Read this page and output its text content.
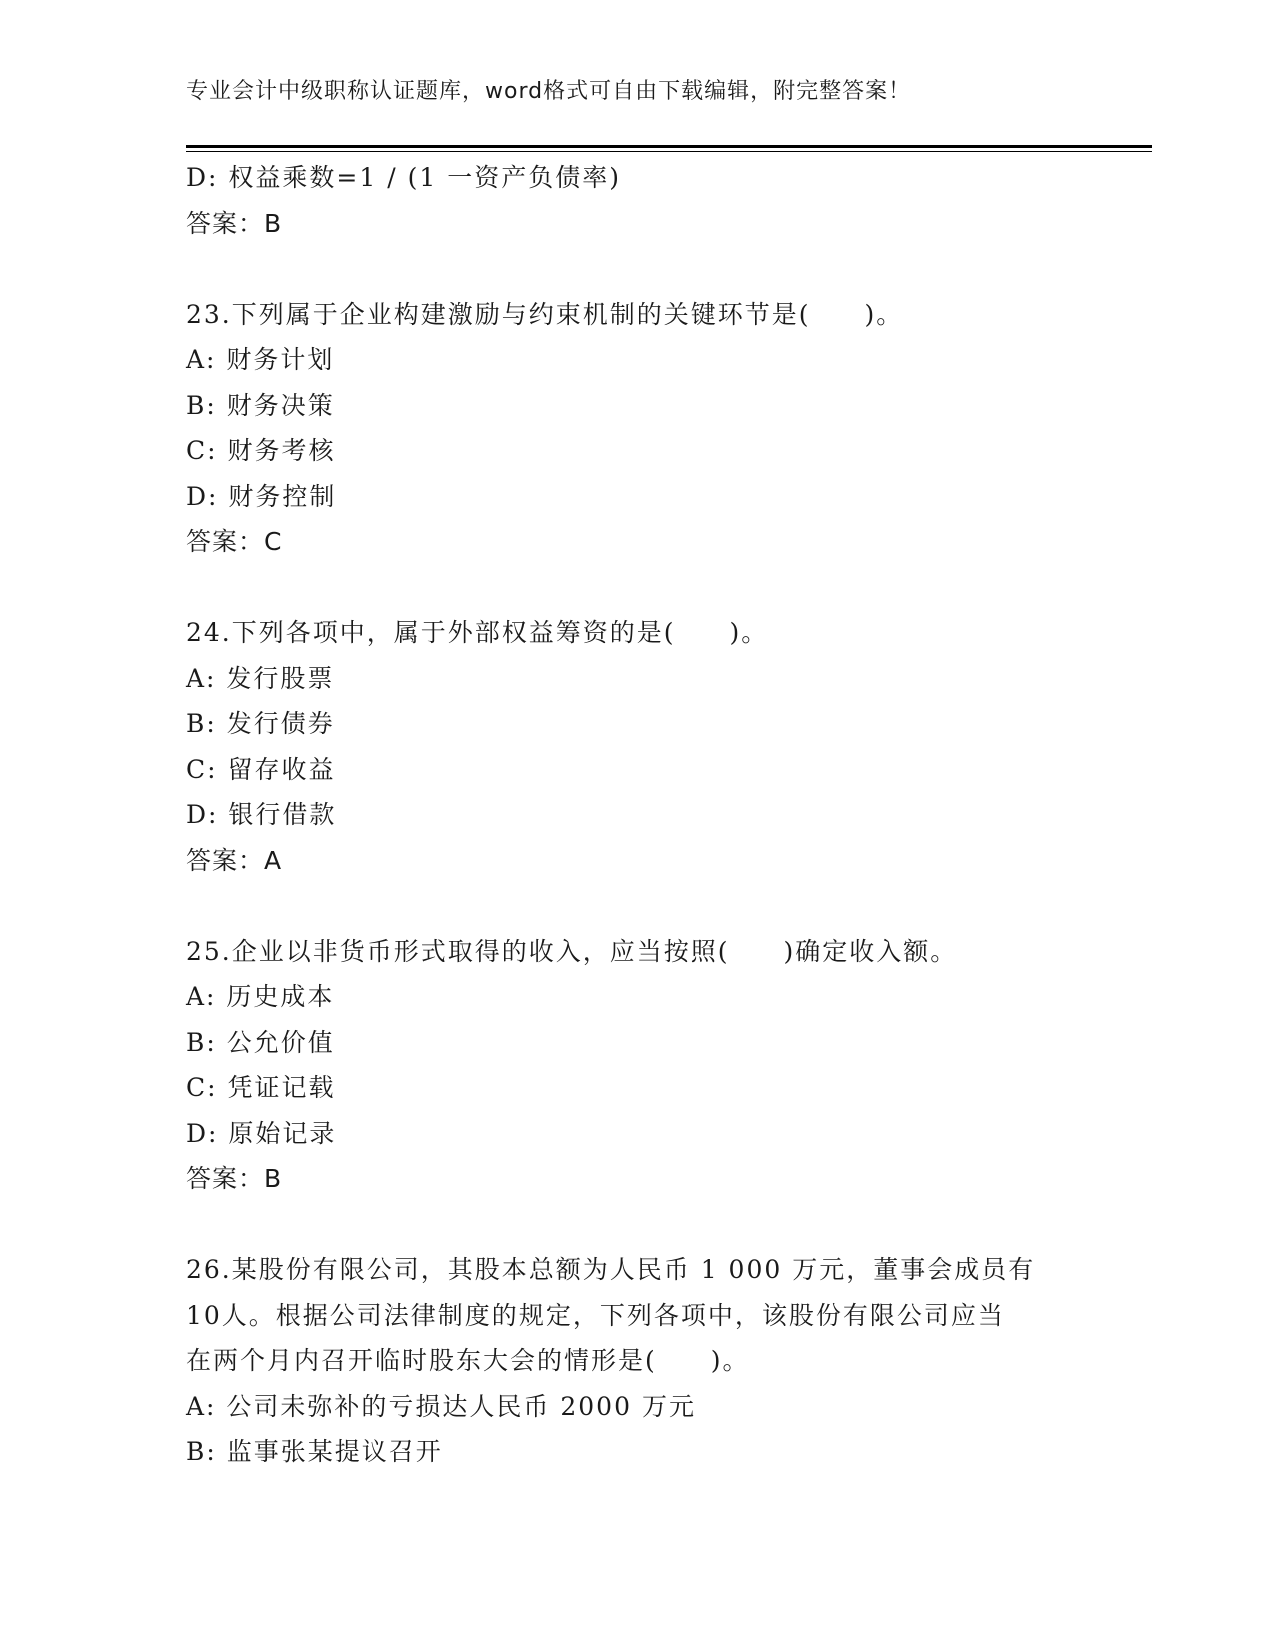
专业会计中级职称认证题库，word格式可自由下载编辑，附完整答案！
D: 权益乘数=1 / (1 一资产负债率)
答案：B
23.下列属于企业构建激励与约束机制的关键环节是(　　)。
A: 财务计划
B: 财务决策
C: 财务考核
D: 财务控制
答案：C
24.下列各项中，属于外部权益筹资的是(　　)。
A: 发行股票
B: 发行债券
C: 留存收益
D: 银行借款
答案：A
25.企业以非货币形式取得的收入，应当按照(　　)确定收入额。
A: 历史成本
B: 公允价值
C: 凭证记载
D: 原始记录
答案：B
26.某股份有限公司，其股本总额为人民币 1 000 万元，董事会成员有
10人。根据公司法律制度的规定，下列各项中，该股份有限公司应当
在两个月内召开临时股东大会的情形是(　　)。
A: 公司未弥补的亏损达人民币 2000 万元
B: 监事张某提议召开
